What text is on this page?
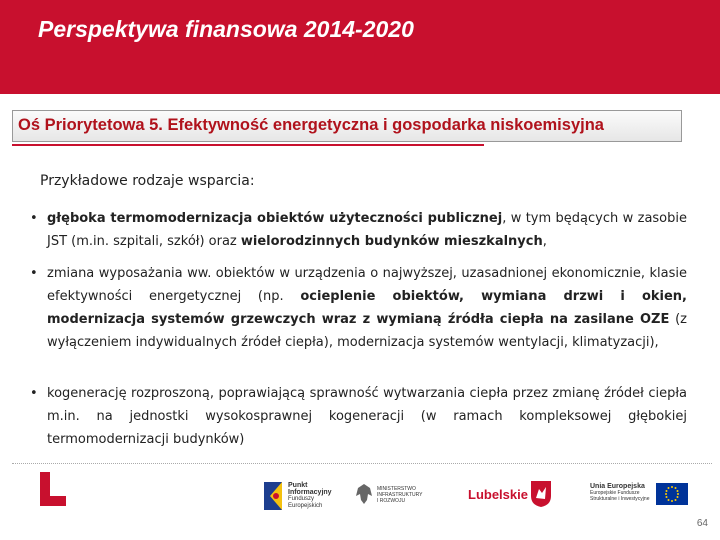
Perspektywa finansowa 2014-2020
Oś Priorytetowa 5. Efektywność energetyczna i gospodarka niskoemisyjna
Przykładowe rodzaje wsparcia:
• głęboka termomodernizacja obiektów użyteczności publicznej, w tym będących w zasobie JST (m.in. szpitali, szkół) oraz wielorodzinnych budynków mieszkalnych,
• zmiana wyposażania ww. obiektów w urządzenia o najwyższej, uzasadnionej ekonomicznie, klasie efektywności energetycznej (np. ocieplenie obiektów, wymiana drzwi i okien, modernizacja systemów grzewczych wraz z wymianą źródła ciepła na zasilane OZE (z wyłączeniem indywidualnych źródeł ciepła), modernizacja systemów wentylacji, klimatyzacji),
• kogenerację rozproszoną, poprawiającą sprawność wytwarzania ciepła przez zmianę źródeł ciepła m.in. na jednostki wysokosprawnej kogeneracji (w ramach kompleksowej głębokiej termomodernizacji budynków)
Punkt
Informacyjny
Funduszy Europejskich
MINISTERSTWO
INFRASTRUKTURY
I ROZWOJU	Lubelskie
Unia Europejska
Europejskie Fundusze
Strukturalne i Inwestycyjne
64
